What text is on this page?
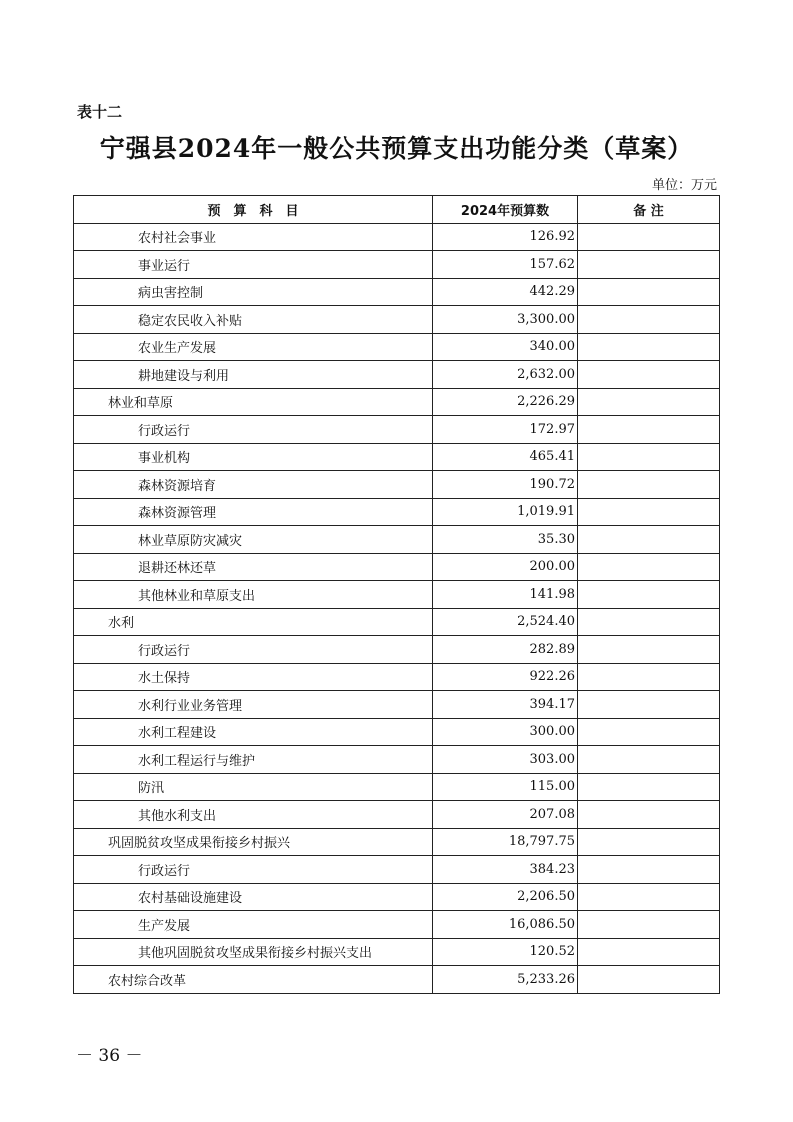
表十二
宁强县2024年一般公共预算支出功能分类（草案）
单位：万元
预　算　科　目	2024年预算数	备 注
农村社会事业	126.92	
事业运行	157.62	
病虫害控制	442.29	
稳定农民收入补贴	3,300.00	
农业生产发展	340.00	
耕地建设与利用	2,632.00	
林业和草原	2,226.29	
行政运行	172.97	
事业机构	465.41	
森林资源培育	190.72	
森林资源管理	1,019.91	
林业草原防灾减灾	35.30	
退耕还林还草	200.00	
其他林业和草原支出	141.98	
水利	2,524.40	
行政运行	282.89	
水土保持	922.26	
水利行业业务管理	394.17	
水利工程建设	300.00	
水利工程运行与维护	303.00	
防汛	115.00	
其他水利支出	207.08	
巩固脱贫攻坚成果衔接乡村振兴	18,797.75	
行政运行	384.23	
农村基础设施建设	2,206.50	
生产发展	16,086.50	
其他巩固脱贫攻坚成果衔接乡村振兴支出	120.52	
农村综合改革	5,233.26	
－ 36 －
